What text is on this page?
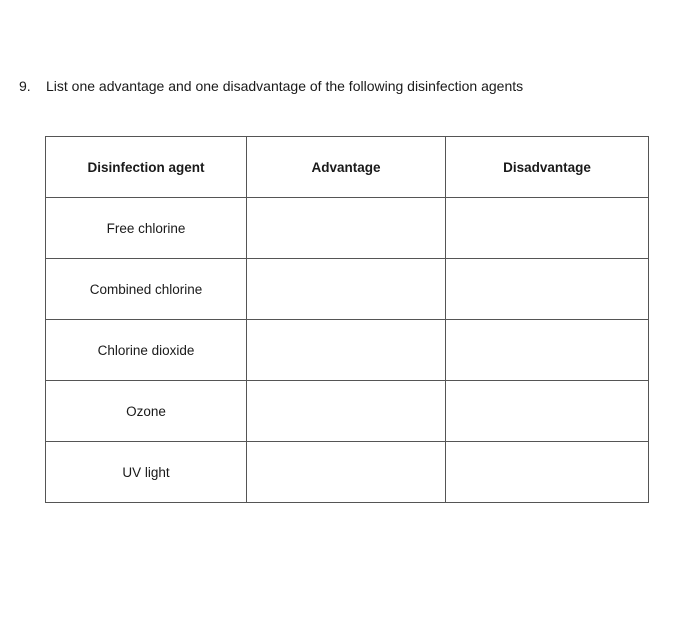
9. List one advantage and one disadvantage of the following disinfection agents
Disinfection agent	Advantage	Disadvantage
Free chlorine		
Combined chlorine		
Chlorine dioxide		
Ozone		
UV light		
